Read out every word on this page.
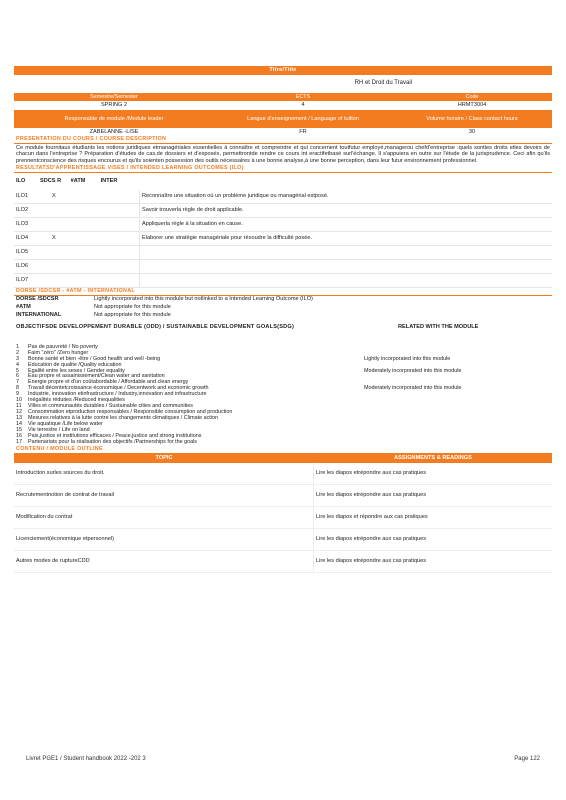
Titre/Title
RH et Droit du Travail
Semestre/Semester	ECTS	Code
SPRING 2	4	HRMT3004
Responsable de module /Module leader	Langue d'enseignement / Language of tuition	Volume horaire / Class contact hours
ZABELANNE -LISE	FR	30
PRESENTATION DU COURS / COURSE DESCRIPTION
Ce module fournitaux étudiants les notions juridiques etmanagériales essentielles à connaître et comprendre et qui concernent toutfutur employé,managerou chefd'entreprise :quels sontles droits etles devoirs de chacun dans l'entreprise ? Préparation d'études de cas,de dossiers et d'exposés, permettrontde rendre ce cours int eractifetbasé surl'échange. Il s'appuiera en outre sur l'étude de la jurisprudence. Ceci afin qu'ils prennentconscience des risques encourus et qu'ils soienten possession des outils nécessaires à une bonne analyse,à une bonne perception, dans leur futur environnement professionnel.
RESULTATSD'APPRENTISSAGE VISES / INTENDED LEARNING OUTCOMES (ILO)
ILO	SDCS R	#ATM	INTER
ILO1	X	Reconnaître une situation où un problème juridique ou managérial estposé.
ILO2	Savoir trouverla règle de droit applicable.
ILO3	Appliquerla règle à la situation en cause.
ILO4	X	Elaborer une stratégie managériale pour résoudre la difficulté posée.
ILO5
ILO6
ILO7
DORSE /SDCSR - #ATM - INTERNATIONAL
DORSE /SDCSR	Lightly incorporated into this module but notlinked to a Intended Learning Outcome (ILO)
#ATM	Not appropriate for this module
INTERNATIONAL	Not appropriate for this module
OBJECTIFSDE DEVELOPPEMENT DURABLE (ODD) / SUSTAINABLE DEVELOPMENT GOALS(SDG)	RELATED WITH THE MODULE
1	Pas de pauvreté / No poverty
2	Faim "zéro" /Zero hunger
3	Bonne santé et bien -être / Good health and well -being	Lightly incorporated into this module
4	Education de qualite /Quality education
5	Egalité entre les sexes / Gender equality	Moderately incorporated into this module
6	Eau propre et assainissement/Clean water and sanitation
7	Energie propre et d'un coûtabordable / Affordable and clean energy
8	Travail décentetcroissance économique / Decentwork and economic growth	Moderately incorporated into this module
9	Industrie, innovation etinfrastructure / Industry,innovation and infrastructure
10	Inégalités réduites /Reduced inequalities
11	Villes et communautés durables / Sustainable cities and communities
12	Consommation etproduction responsables / Responsible consumption and production
13	Mesures relatives à la lutte contre les changements climatiques / Climate action
14	Vie aquatique /Life below water
15	Vie terrestre / Life on land
16	Paix,justice et institutions efficaces / Peace,justice and strong institutions
17	Partenariats pour la réalisation des objectifs /Partnerships for the goals
CONTENU / MODULE OUTLINE
TOPIC	ASSIGNMENTS & READINGS
Introduction surles sources du droit.	Lire les diapos etrépondre aux cas pratiques
Recrutementnotion de contrat de travail	Lire les diapos etrépondre aux cas pratiques
Modification du contrat	Lire les diapos et répondre aux cas pratiques
Licenciement(économique etpersonnel)	Lire les diapos etrépondre aux cas pratiques
Autres modes de ruptureCDD	Lire les diapos etrépondre aux cas pratiques
Livret PGE1 / Student handbook 2022 -202 3	Page 122
